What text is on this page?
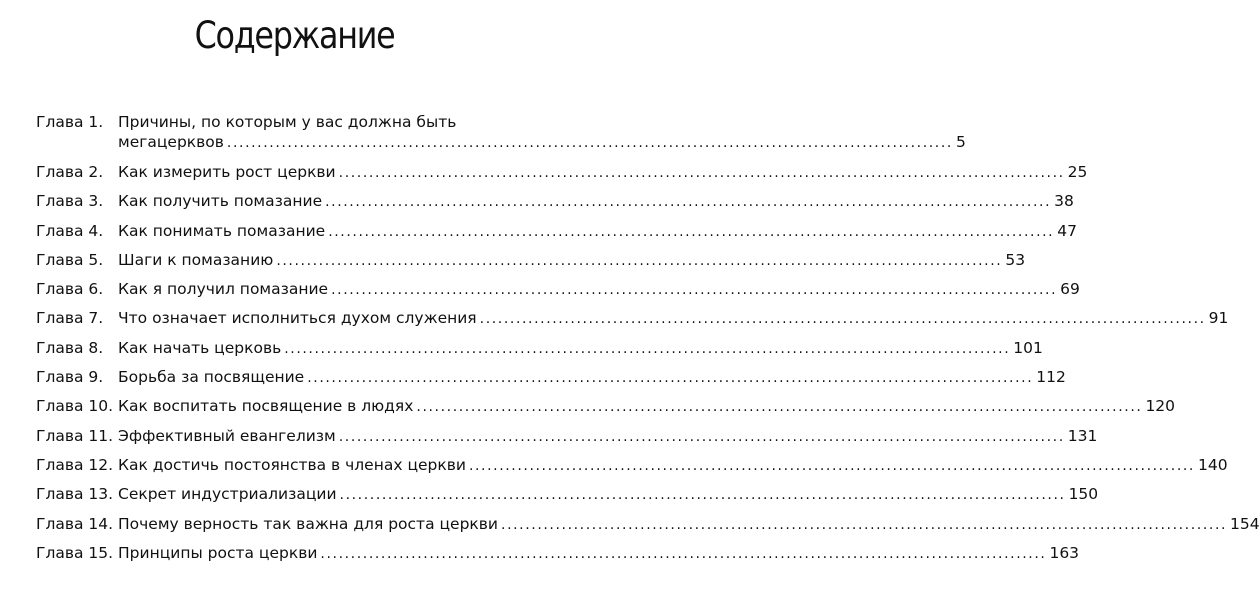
Содержание
Глава 1. Причины, по которым у вас должна быть
мегацерквов ........................................................................................................................ 5
Глава 2. Как измерить рост церкви ........................................................................................................................ 25
Глава 3. Как получить помазание ........................................................................................................................ 38
Глава 4. Как понимать помазание ........................................................................................................................ 47
Глава 5. Шаги к помазанию ........................................................................................................................ 53
Глава 6. Как я получил помазание ........................................................................................................................ 69
Глава 7. Что означает исполниться духом служения ........................................................................................................................ 91
Глава 8. Как начать церковь ........................................................................................................................ 101
Глава 9. Борьба за посвящение ........................................................................................................................ 112
Глава 10. Как воспитать посвящение в людях ........................................................................................................................ 120
Глава 11. Эффективный евангелизм ........................................................................................................................ 131
Глава 12. Как достичь постоянства в членах церкви ........................................................................................................................ 140
Глава 13. Секрет индустриализации ........................................................................................................................ 150
Глава 14. Почему верность так важна для роста церкви ........................................................................................................................ 154
Глава 15. Принципы роста церкви ........................................................................................................................ 163
